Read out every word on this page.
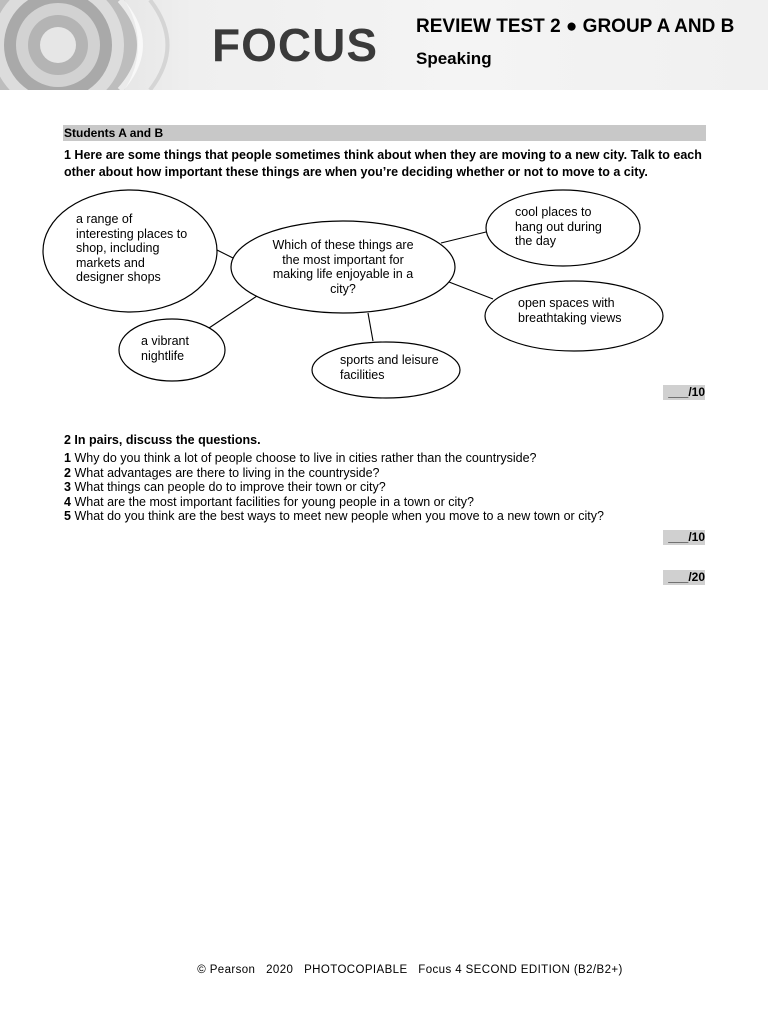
FOCUS REVIEW TEST 2 ● GROUP A AND B
Speaking
Students A and B
1 Here are some things that people sometimes think about when they are moving to a new city. Talk to each other about how important these things are when you’re deciding whether or not to move to a city.
Which of these things are the most important for making life enjoyable in a city?
a range of interesting places to shop, including markets and designer shops
cool places to hang out during the day
open spaces with breathtaking views
a vibrant nightlife	sports and leisure facilities
___/10
2 In pairs, discuss the questions.
1 Why do you think a lot of people choose to live in cities rather than the countryside?
2 What advantages are there to living in the countryside?
3 What things can people do to improve their town or city?
4 What are the most important facilities for young people in a town or city?
5 What do you think are the best ways to meet new people when you move to a new town or city?
___/10
___/20
© Pearson   2020   PHOTOCOPIABLE   Focus 4 SECOND EDITION (B2/B2+)
